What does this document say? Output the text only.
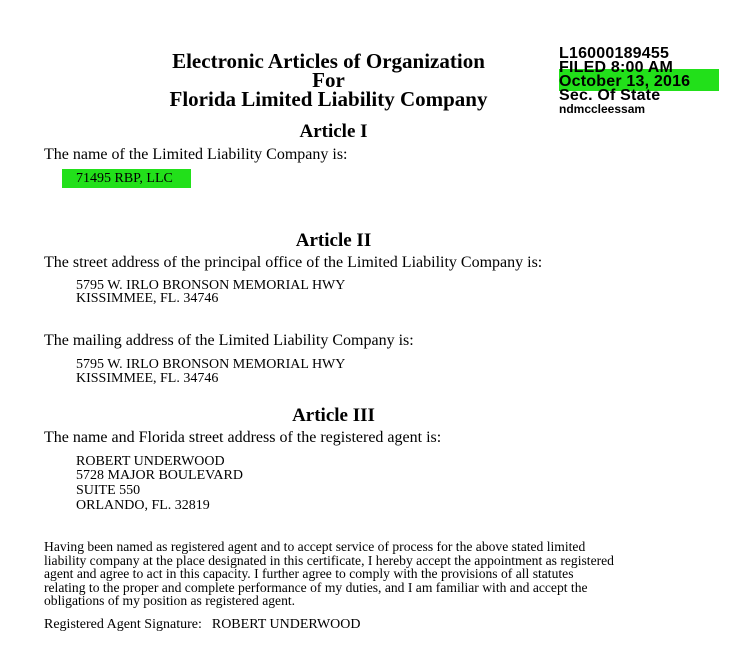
Electronic Articles of Organization
For
Florida Limited Liability Company
L16000189455
FILED 8:00 AM
October 13, 2016
Sec. Of State
ndmccleessam
Article I
The name of the Limited Liability Company is:
71495 RBP, LLC
Article II
The street address of the principal office of the Limited Liability Company is:
5795 W. IRLO BRONSON MEMORIAL HWY
KISSIMMEE, FL. 34746
The mailing address of the Limited Liability Company is:
5795 W. IRLO BRONSON MEMORIAL HWY
KISSIMMEE, FL. 34746
Article III
The name and Florida street address of the registered agent is:
ROBERT UNDERWOOD
5728 MAJOR BOULEVARD
SUITE 550
ORLANDO, FL. 32819
Having been named as registered agent and to accept service of process for the above stated limited
liability company at the place designated in this certificate, I hereby accept the appointment as registered
agent and agree to act in this capacity. I further agree to comply with the provisions of all statutes
relating to the proper and complete performance of my duties, and I am familiar with and accept the
obligations of my position as registered agent.
Registered Agent Signature: ROBERT UNDERWOOD
